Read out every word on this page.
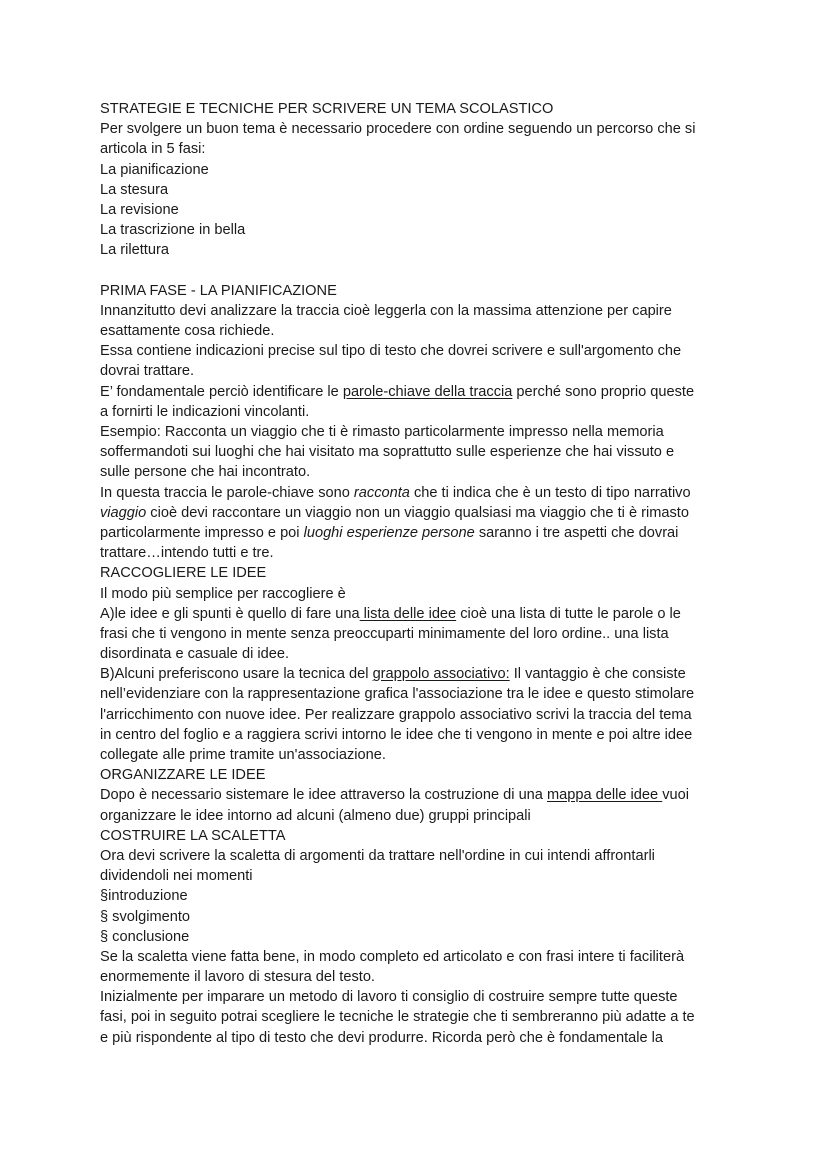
STRATEGIE E TECNICHE PER SCRIVERE UN TEMA SCOLASTICO
Per svolgere un buon tema è necessario procedere con ordine seguendo un percorso che si
articola in 5 fasi:
La pianificazione
La stesura
La revisione
La trascrizione in bella
La rilettura
PRIMA FASE - LA PIANIFICAZIONE
Innanzitutto devi analizzare la traccia cioè leggerla con la massima attenzione per capire
esattamente cosa richiede.
Essa contiene indicazioni precise sul tipo di testo che dovrei scrivere e sull'argomento che
dovrai trattare.
E’ fondamentale perciò identificare le parole-chiave della traccia perché sono proprio queste
a fornirti le indicazioni vincolanti.
Esempio: Racconta un viaggio che ti è rimasto particolarmente impresso nella memoria
soffermandoti sui luoghi che hai visitato ma soprattutto sulle esperienze che hai vissuto e
sulle persone che hai incontrato.
In questa traccia le parole-chiave sono racconta che ti indica che è un testo di tipo narrativo
viaggio cioè devi raccontare un viaggio non un viaggio qualsiasi ma viaggio che ti è rimasto
particolarmente impresso e poi luoghi esperienze persone saranno i tre aspetti che dovrai
trattare…intendo tutti e tre.
RACCOGLIERE LE IDEE
Il modo più semplice per raccogliere è
A)le idee e gli spunti è quello di fare una lista delle idee cioè una lista di tutte le parole o le
frasi che ti vengono in mente senza preoccuparti minimamente del loro ordine.. una lista
disordinata e casuale di idee.
B)Alcuni preferiscono usare la tecnica del grappolo associativo: Il vantaggio è che consiste
nell’evidenziare con la rappresentazione grafica l'associazione tra le idee e questo stimolare
l'arricchimento con nuove idee. Per realizzare grappolo associativo scrivi la traccia del tema
in centro del foglio e a raggiera scrivi intorno le idee che ti vengono in mente e poi altre idee
collegate alle prime tramite un'associazione.
ORGANIZZARE LE IDEE
Dopo è necessario sistemare le idee attraverso la costruzione di una mappa delle idee vuoi
organizzare le idee intorno ad alcuni (almeno due) gruppi principali
COSTRUIRE LA SCALETTA
Ora devi scrivere la scaletta di argomenti da trattare nell'ordine in cui intendi affrontarli
dividendoli nei momenti
§introduzione
§ svolgimento
§ conclusione
Se la scaletta viene fatta bene, in modo completo ed articolato e con frasi intere ti faciliterà
enormemente il lavoro di stesura del testo.
Inizialmente per imparare un metodo di lavoro ti consiglio di costruire sempre tutte queste
fasi, poi in seguito potrai scegliere le tecniche le strategie che ti sembreranno più adatte a te
e più rispondente al tipo di testo che devi produrre. Ricorda però che è fondamentale la
